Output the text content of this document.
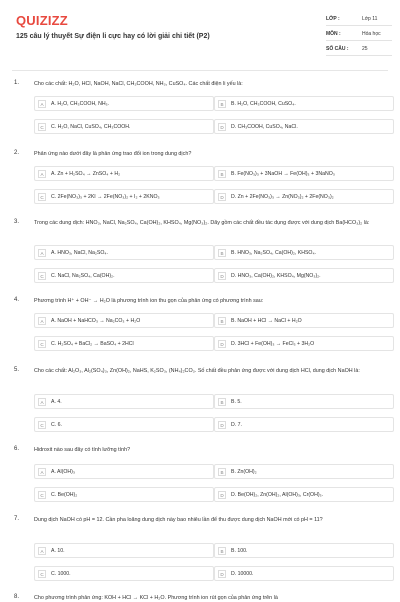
QUIZIZZ
125 câu lý thuyết Sự điện li cực hay có lời giải chi tiết (P2)
LỚP :	Lớp 11
MÔN :	Hóa học
SỐ CÂU :	25
1.	Cho các chất: H₂O, HCl, NaOH, NaCl, CH₃COOH, NH₃, CuSO₄. Các chất điện li yếu là:
A	A. H₂O, CH₃COOH, NH₃.	B	B. H₂O, CH₃COOH, CuSO₄.
C	C. H₂O, NaCl, CuSO₄, CH₃COOH.	D	D. CH₃COOH, CuSO₄, NaCl.
2.	Phản ứng nào dưới đây là phản ứng trao đổi ion trong dung dịch?
A	A. Zn + H₂SO₄ → ZnSO₄ + H₂	B	B. Fe(NO₃)₃ + 3NaOH → Fe(OH)₃ + 3NaNO₃
C	C. 2Fe(NO₃)₃ + 2KI → 2Fe(NO₃)₂ + I₂ + 2KNO₃	D	D. Zn + 2Fe(NO₃)₃ → Zn(NO₃)₂ + 2Fe(NO₃)₂
3.	Trong các dung dịch: HNO₃, NaCl, Na₂SO₄, Ca(OH)₂, KHSO₄, Mg(NO₃)₂. Dãy gồm các chất đều tác dụng được với dung dịch Ba(HCO₃)₂ là:
A	A. HNO₃, NaCl, Na₂SO₄.	B	B. HNO₃, Na₂SO₄, Ca(OH)₂, KHSO₄.
C	C. NaCl, Na₂SO₄, Ca(OH)₂.	D	D. HNO₃, Ca(OH)₂, KHSO₄, Mg(NO₃)₂.
4.	Phương trình H⁺ + OH⁻ → H₂O là phương trình ion thu gọn của phản ứng có phương trình sau:
A	A. NaOH + NaHCO₃ → Na₂CO₃ + H₂O	B	B. NaOH + HCl → NaCl + H₂O
C	C. H₂SO₄ + BaCl₂ → BaSO₄ + 2HCl	D	D. 3HCl + Fe(OH)₃ → FeCl₃ + 3H₂O
5.	Cho các chất: Al₂O₃, Al₂(SO₄)₃, Zn(OH)₂, NaHS, K₂SO₃, (NH₄)₂CO₃. Số chất đều phản ứng được với dung dịch HCl, dung dịch NaOH là:
A	A. 4.	B	B. 5.
C	C. 6.	D	D. 7.
6.	Hidroxit nào sau đây có tính lưỡng tính?
A	A. Al(OH)₃	B	B. Zn(OH)₂
C	C. Be(OH)₂	D	D. Be(OH)₂, Zn(OH)₂, Al(OH)₃, Cr(OH)₃.
7.	Dung dịch NaOH có pH = 12. Cần pha loãng dung dịch này bao nhiêu lần để thu được dung dịch NaOH mới có pH = 11?
A	A. 10.	B	B. 100.
C	C. 1000.	D	D. 10000.
8.	Cho phương trình phản ứng: KOH + HCl → KCl + H₂O. Phương trình ion rút gọn của phản ứng trên là
